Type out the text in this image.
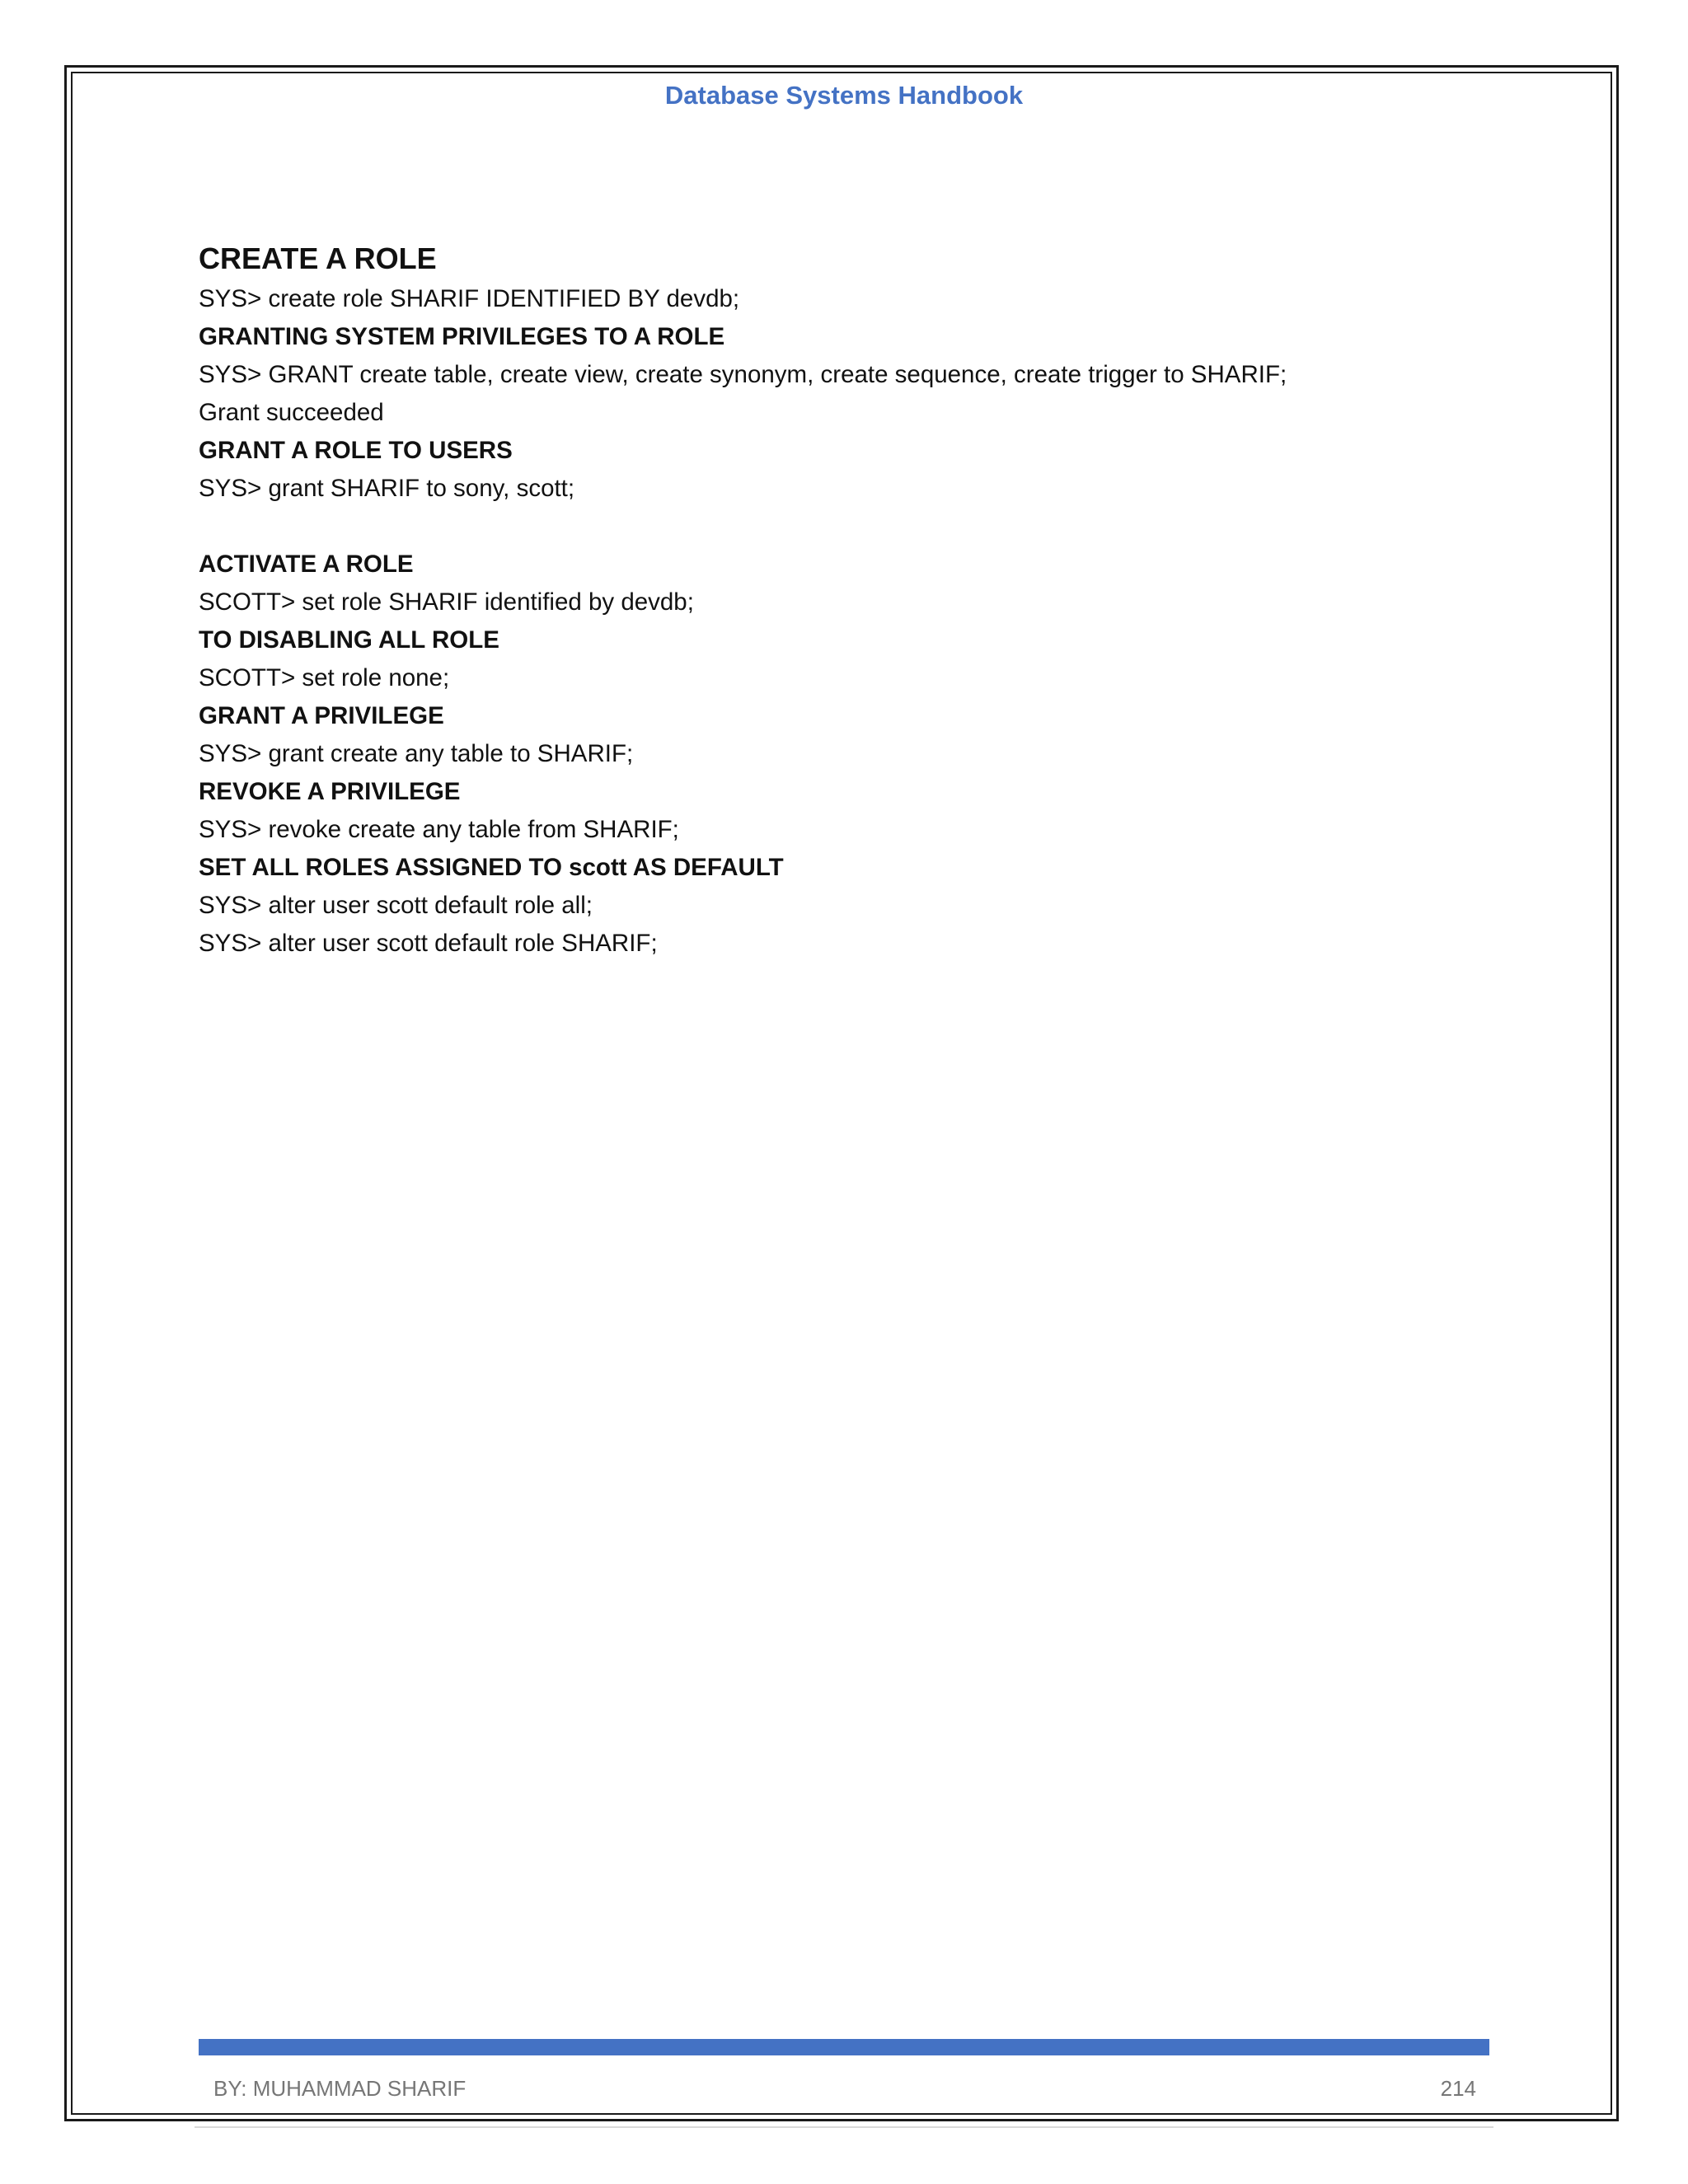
Database Systems Handbook
CREATE A ROLE
SYS> create role SHARIF IDENTIFIED BY devdb;
GRANTING SYSTEM PRIVILEGES TO A ROLE
SYS> GRANT create table, create view, create synonym, create sequence, create trigger to SHARIF;
Grant succeeded
GRANT A ROLE TO USERS
SYS> grant SHARIF to sony, scott;
ACTIVATE A ROLE
SCOTT> set role SHARIF identified by devdb;
TO DISABLING ALL ROLE
SCOTT> set role none;
GRANT A PRIVILEGE
SYS> grant create any table to SHARIF;
REVOKE A PRIVILEGE
SYS> revoke create any table from SHARIF;
SET ALL ROLES ASSIGNED TO scott AS DEFAULT
SYS> alter user scott default role all;
SYS> alter user scott default role SHARIF;
BY: MUHAMMAD SHARIF	214
